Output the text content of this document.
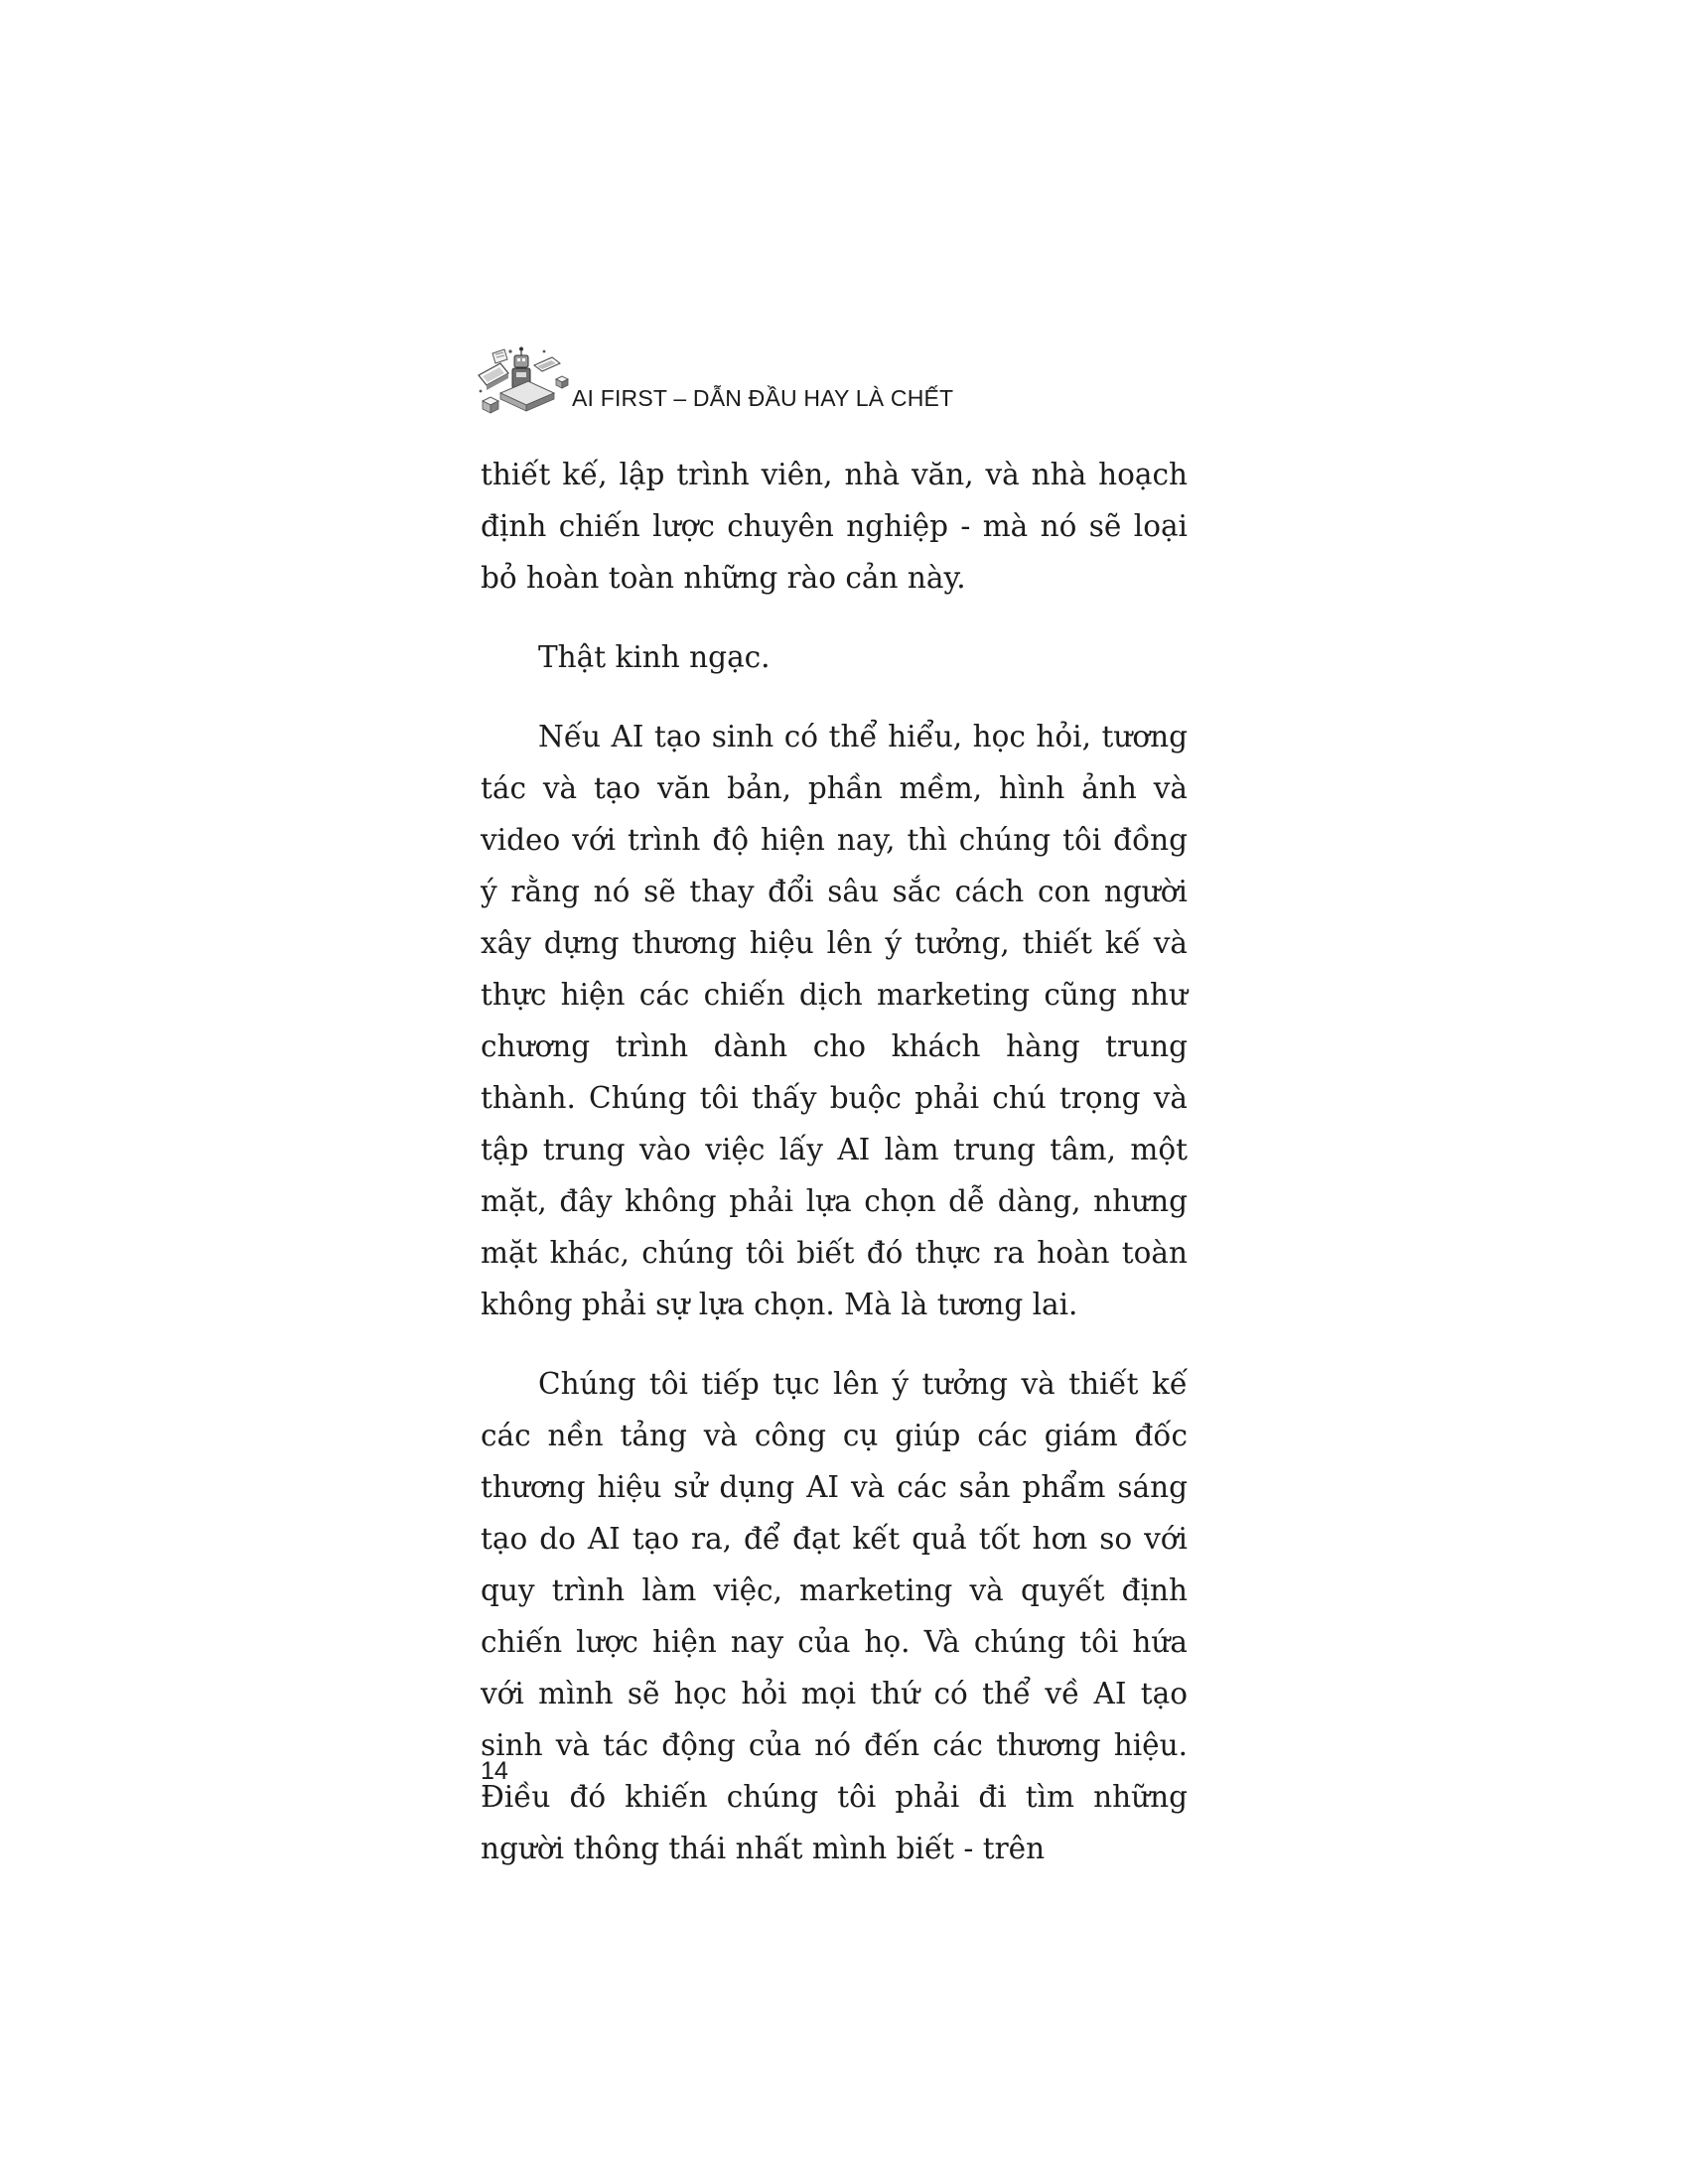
AI FIRST – DẪN ĐẦU HAY LÀ CHẾT

thiết kế, lập trình viên, nhà văn, và nhà hoạch định chiến lược chuyên nghiệp - mà nó sẽ loại bỏ hoàn toàn những rào cản này.

Thật kinh ngạc.

Nếu AI tạo sinh có thể hiểu, học hỏi, tương tác và tạo văn bản, phần mềm, hình ảnh và video với trình độ hiện nay, thì chúng tôi đồng ý rằng nó sẽ thay đổi sâu sắc cách con người xây dựng thương hiệu lên ý tưởng, thiết kế và thực hiện các chiến dịch marketing cũng như chương trình dành cho khách hàng trung thành. Chúng tôi thấy buộc phải chú trọng và tập trung vào việc lấy AI làm trung tâm, một mặt, đây không phải lựa chọn dễ dàng, nhưng mặt khác, chúng tôi biết đó thực ra hoàn toàn không phải sự lựa chọn. Mà là tương lai.

Chúng tôi tiếp tục lên ý tưởng và thiết kế các nền tảng và công cụ giúp các giám đốc thương hiệu sử dụng AI và các sản phẩm sáng tạo do AI tạo ra, để đạt kết quả tốt hơn so với quy trình làm việc, marketing và quyết định chiến lược hiện nay của họ. Và chúng tôi hứa với mình sẽ học hỏi mọi thứ có thể về AI tạo sinh và tác động của nó đến các thương hiệu. Điều đó khiến chúng tôi phải đi tìm những người thông thái nhất mình biết - trên

14
